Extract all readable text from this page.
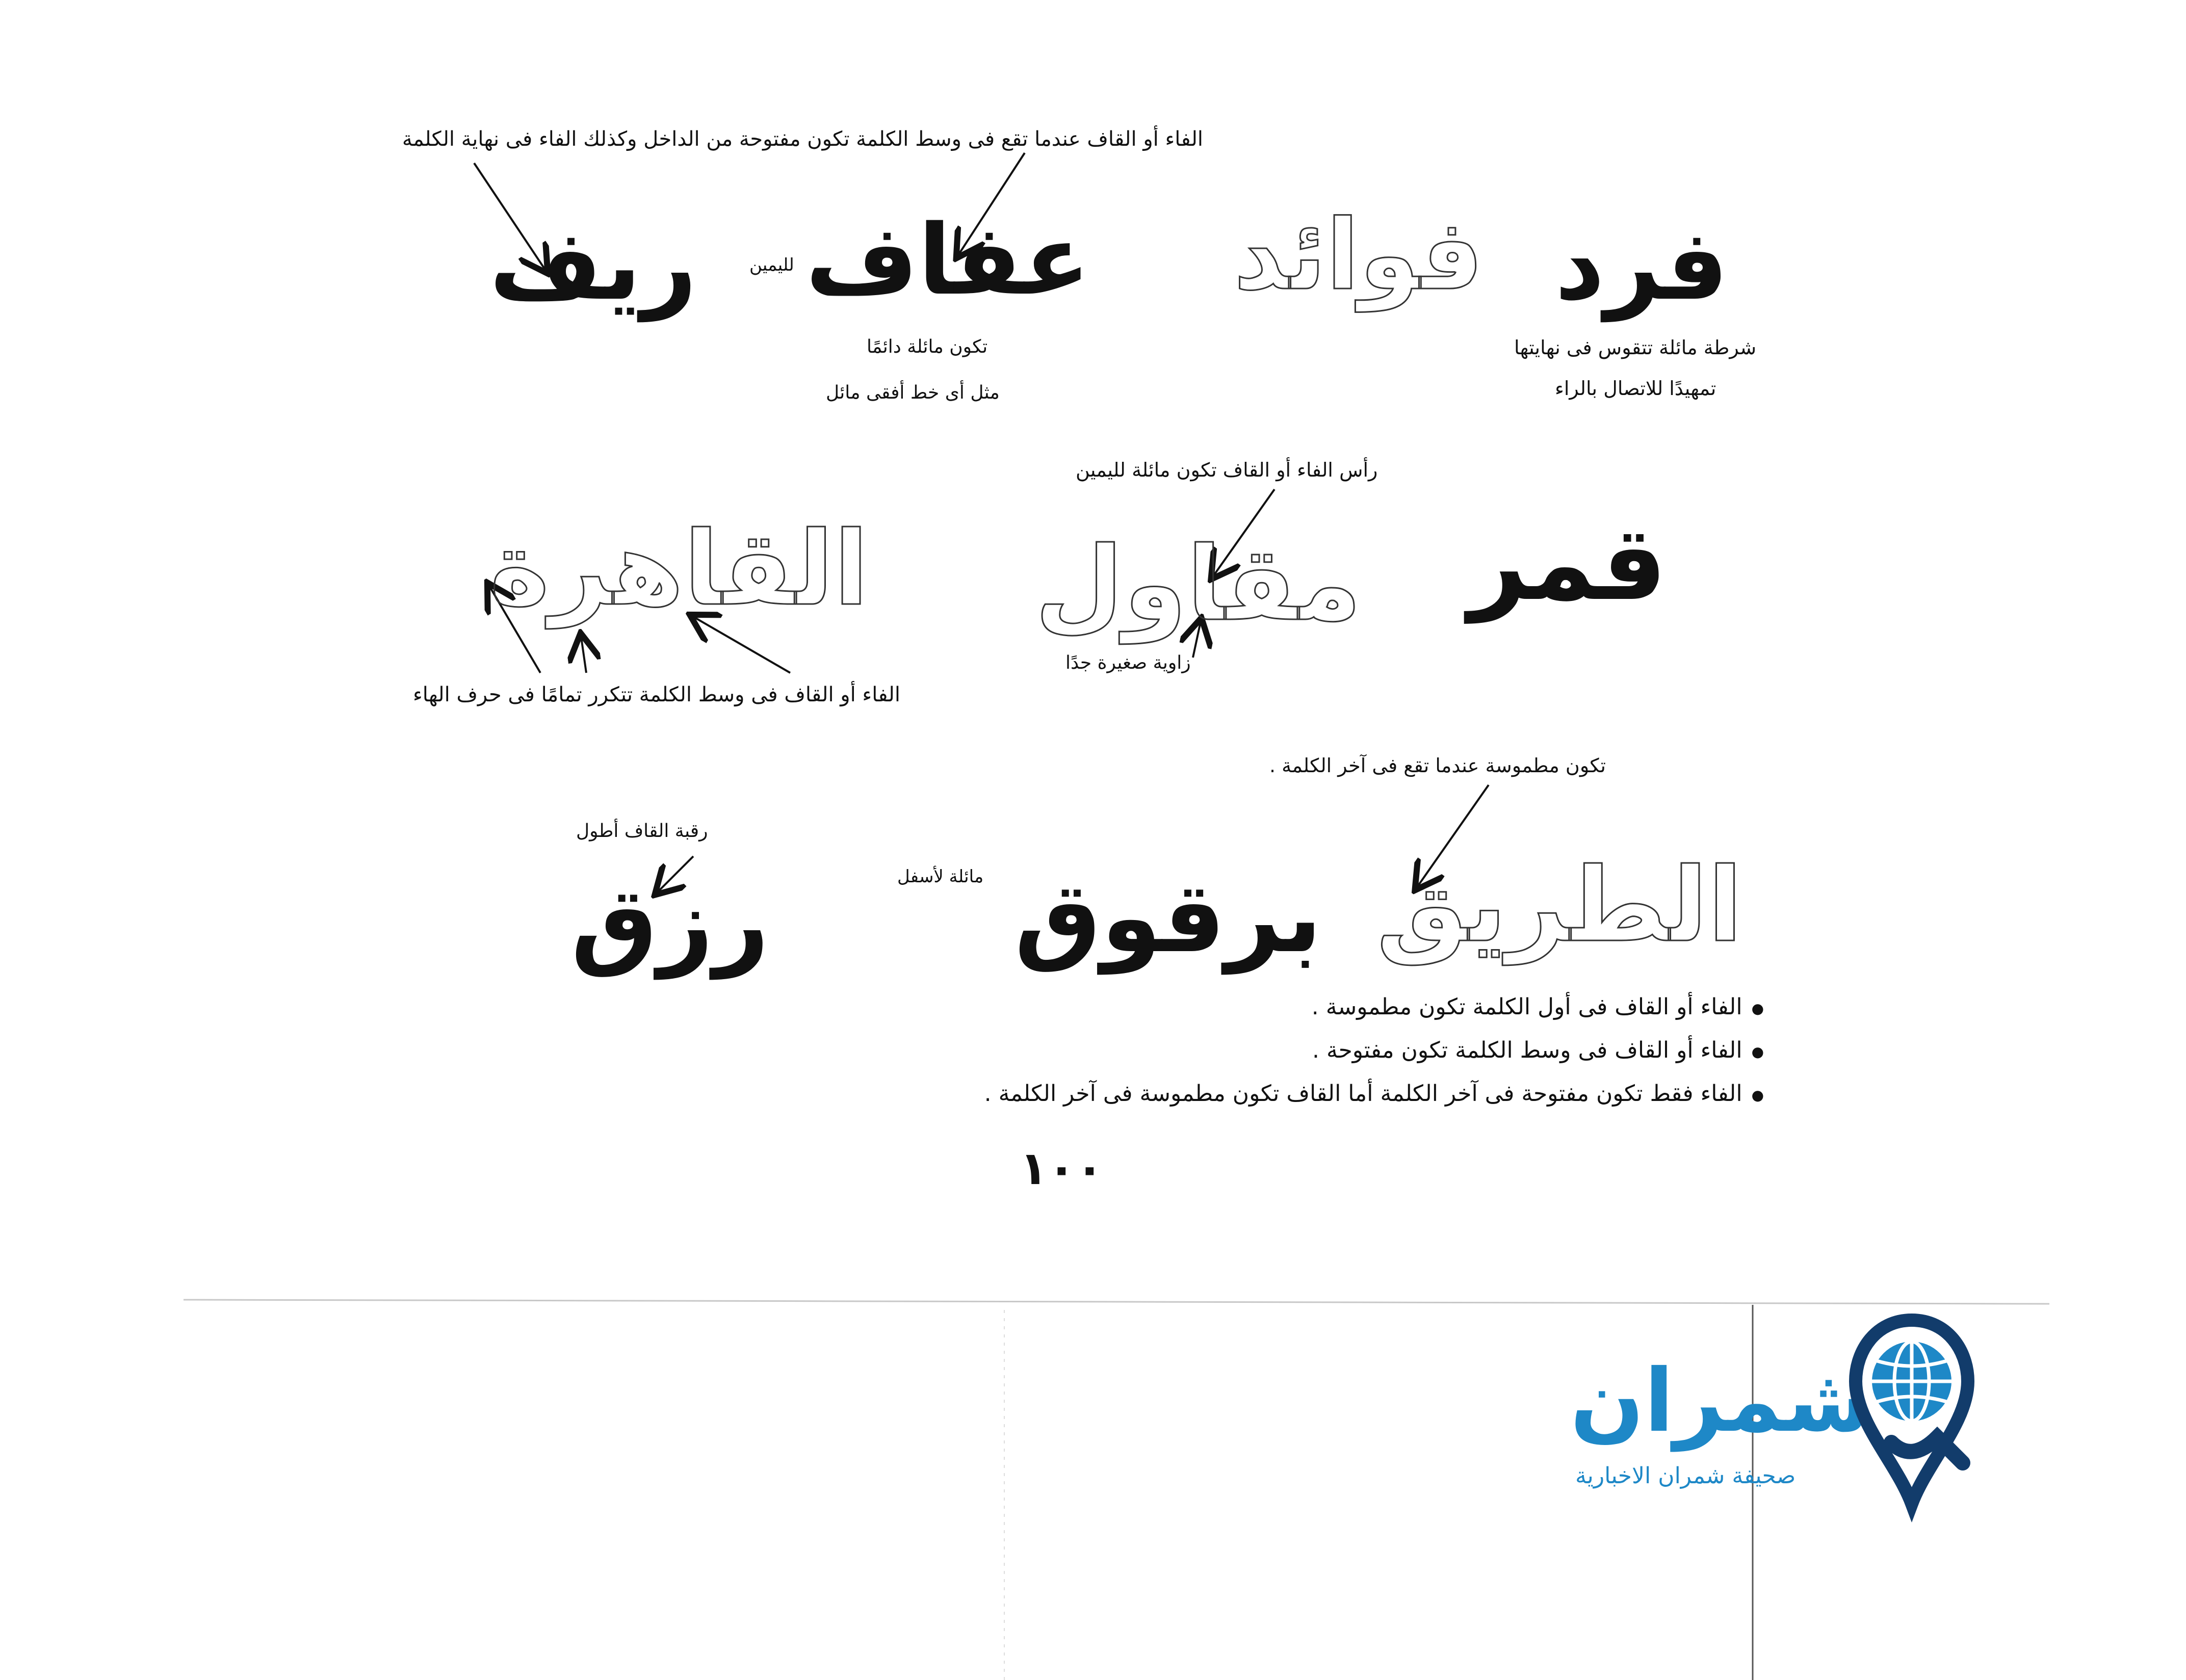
الفاء أو القاف عندما تقع فى وسط الكلمة تكون مفتوحة من الداخل وكذلك الفاء فى نهاية الكلمة
ريف عفاف
لليمين
تكون مائلة دائمًا
مثل أى خط أفقى مائل
فوائد فرد
شرطة مائلة تتقوس فى نهايتها
تمهيدًا للاتصال بالراء
رأس الفاء أو القاف تكون مائلة لليمين
القاهرة مقاول
زاوية صغيرة جدًا
قمر
الفاء أو القاف فى وسط الكلمة تتكرر تمامًا فى حرف الهاء
تكون مطموسة عندما تقع فى آخر الكلمة .
رقبة القاف أطول
مائلة لأسفل
رزق	برقوق الطريق
● الفاء أو القاف فى أول الكلمة تكون مطموسة .
● الفاء أو القاف فى وسط الكلمة تكون مفتوحة .
● الفاء فقط تكون مفتوحة فى آخر الكلمة أما القاف تكون مطموسة فى آخر الكلمة .
١٠٠
شمران
صحيفة شمران الاخبارية
